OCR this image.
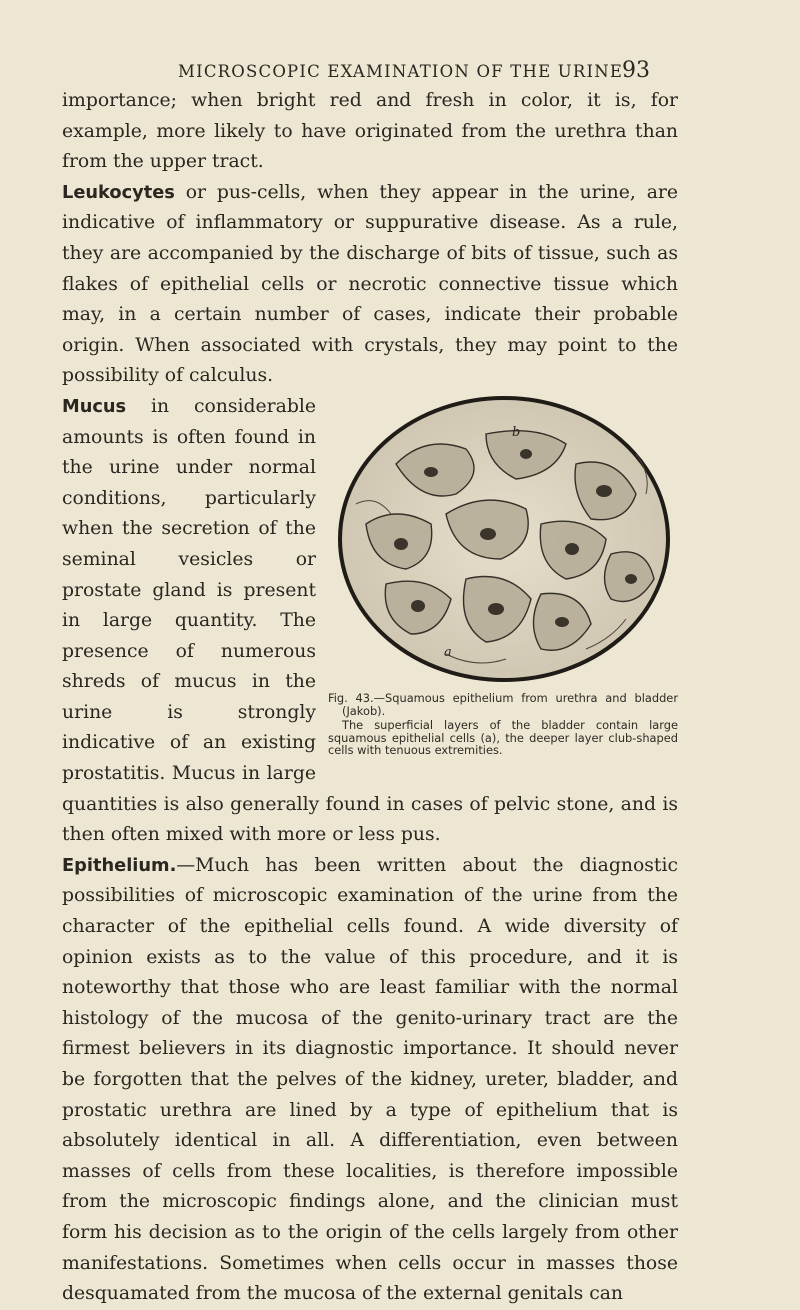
MICROSCOPIC EXAMINATION OF THE URINE
93

importance; when bright red and fresh in color, it is, for example, more likely to have originated from the urethra than from the upper tract.

Leukocytes or pus-cells, when they appear in the urine, are indicative of inflammatory or suppurative disease. As a rule, they are accompanied by the discharge of bits of tissue, such as flakes of epithelial cells or necrotic connective tissue which may, in a certain number of cases, indicate their probable origin. When associated with crystals, they may point to the possibility of calculus.

Mucus
a
b
Fig. 43.—Squamous epithelium from urethra and bladder (Jakob).
The superficial layers of the bladder contain large squamous epithelial cells (a), the deeper layer club-shaped cells with tenuous extremities.
in considerable amounts is often found in the urine under normal conditions, particularly when the secretion of the seminal vesicles or prostate gland is present in large quantity. The presence of numerous shreds of mucus in the urine is strongly indicative of an existing prostatitis. Mucus in large quantities is also generally found in cases of pelvic stone, and is then often mixed with more or less pus.

Epithelium.—Much has been written about the diagnostic possibilities of microscopic examination of the urine from the character of the epithelial cells found. A wide diversity of opinion exists as to the value of this procedure, and it is noteworthy that those who are least familiar with the normal histology of the mucosa of the genito-urinary tract are the firmest believers in its diagnostic importance. It should never be forgotten that the pelves of the kidney, ureter, bladder, and prostatic urethra are lined by a type of epithelium that is absolutely identical in all. A differentiation, even between masses of cells from these localities, is therefore impossible from the microscopic findings alone, and the clinician must form his decision as to the origin of the cells largely from other manifestations. Sometimes when cells occur in masses those desquamated from the mucosa of the external genitals can
